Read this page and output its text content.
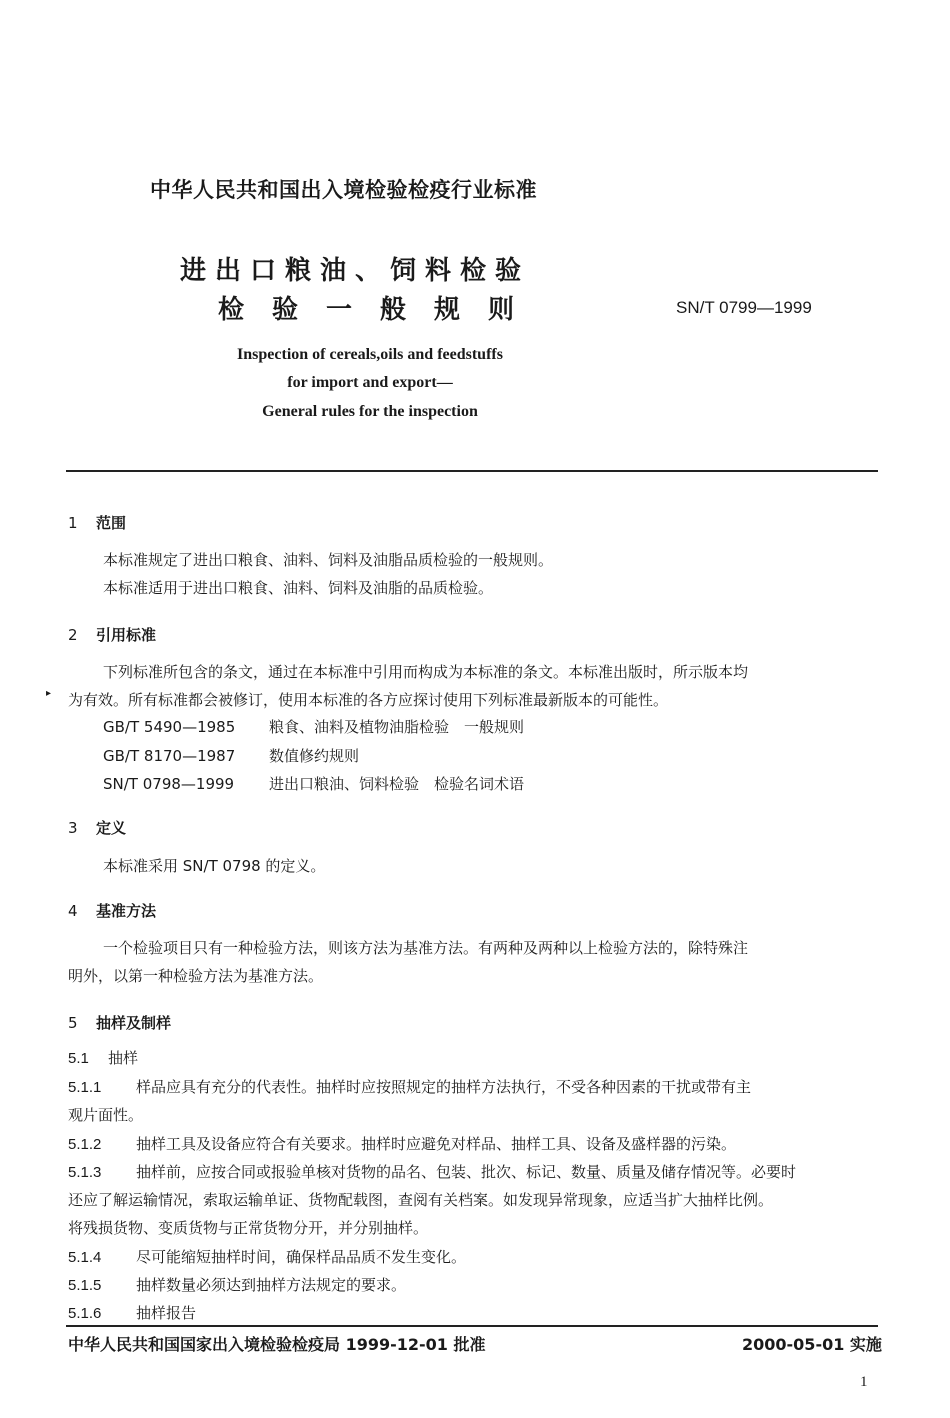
中华人民共和国出入境检验检疫行业标准
进出口粮油、饲料检验
检验一般规则	SN/T 0799—1999
Inspection of cereals,oils and feedstuffs
for import and export—
General rules for the inspection
1 范围
本标准规定了进出口粮食、油料、饲料及油脂品质检验的一般规则。
本标准适用于进出口粮食、油料、饲料及油脂的品质检验。
2 引用标准
下列标准所包含的条文，通过在本标准中引用而构成为本标准的条文。本标准出版时，所示版本均
▸ 为有效。所有标准都会被修订，使用本标准的各方应探讨使用下列标准最新版本的可能性。
GB/T 5490—1985 粮食、油料及植物油脂检验　一般规则
GB/T 8170—1987 数值修约规则
SN/T 0798—1999 进出口粮油、饲料检验　检验名词术语
3 定义
本标准采用 SN/T 0798 的定义。
4 基准方法
一个检验项目只有一种检验方法，则该方法为基准方法。有两种及两种以上检验方法的，除特殊注
明外，以第一种检验方法为基准方法。
5 抽样及制样
5.1 抽样
5.1.1 样品应具有充分的代表性。抽样时应按照规定的抽样方法执行，不受各种因素的干扰或带有主
观片面性。
5.1.2 抽样工具及设备应符合有关要求。抽样时应避免对样品、抽样工具、设备及盛样器的污染。
5.1.3 抽样前，应按合同或报验单核对货物的品名、包装、批次、标记、数量、质量及储存情况等。必要时
还应了解运输情况，索取运输单证、货物配载图，查阅有关档案。如发现异常现象，应适当扩大抽样比例。
将残损货物、变质货物与正常货物分开，并分别抽样。
5.1.4 尽可能缩短抽样时间，确保样品品质不发生变化。
5.1.5 抽样数量必须达到抽样方法规定的要求。
5.1.6 抽样报告
中华人民共和国国家出入境检验检疫局 1999-12-01 批准	2000-05-01 实施
1
